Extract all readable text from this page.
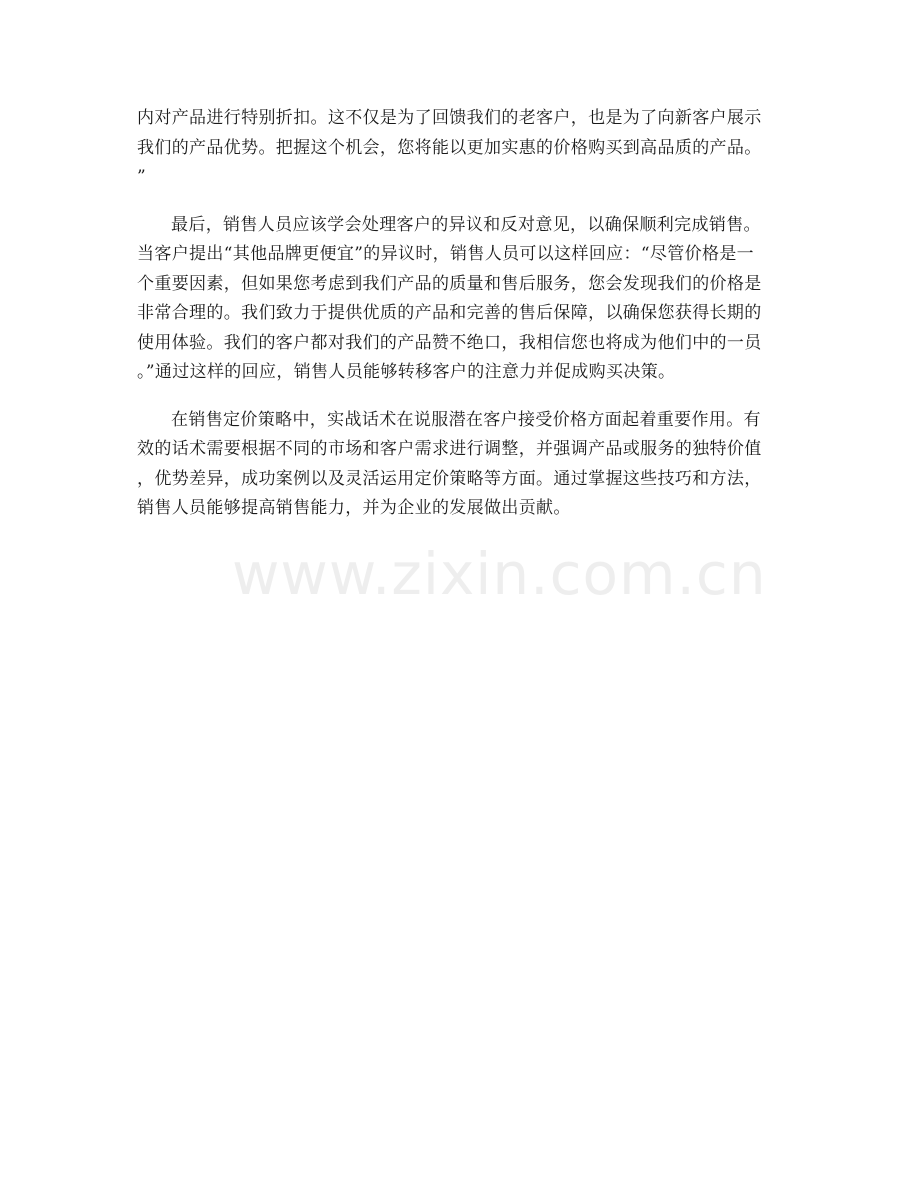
www.zixin.com.cn
内对产品进行特别折扣。这不仅是为了回馈我们的老客户，也是为了向新客户展示
我们的产品优势。把握这个机会，您将能以更加实惠的价格购买到高品质的产品。
”
最后，销售人员应该学会处理客户的异议和反对意见，以确保顺利完成销售。
当客户提出“其他品牌更便宜”的异议时，销售人员可以这样回应：“尽管价格是一
个重要因素，但如果您考虑到我们产品的质量和售后服务，您会发现我们的价格是
非常合理的。我们致力于提供优质的产品和完善的售后保障，以确保您获得长期的
使用体验。我们的客户都对我们的产品赞不绝口，我相信您也将成为他们中的一员
。”通过这样的回应，销售人员能够转移客户的注意力并促成购买决策。
在销售定价策略中，实战话术在说服潜在客户接受价格方面起着重要作用。有
效的话术需要根据不同的市场和客户需求进行调整，并强调产品或服务的独特价值
，优势差异，成功案例以及灵活运用定价策略等方面。通过掌握这些技巧和方法，
销售人员能够提高销售能力，并为企业的发展做出贡献。
